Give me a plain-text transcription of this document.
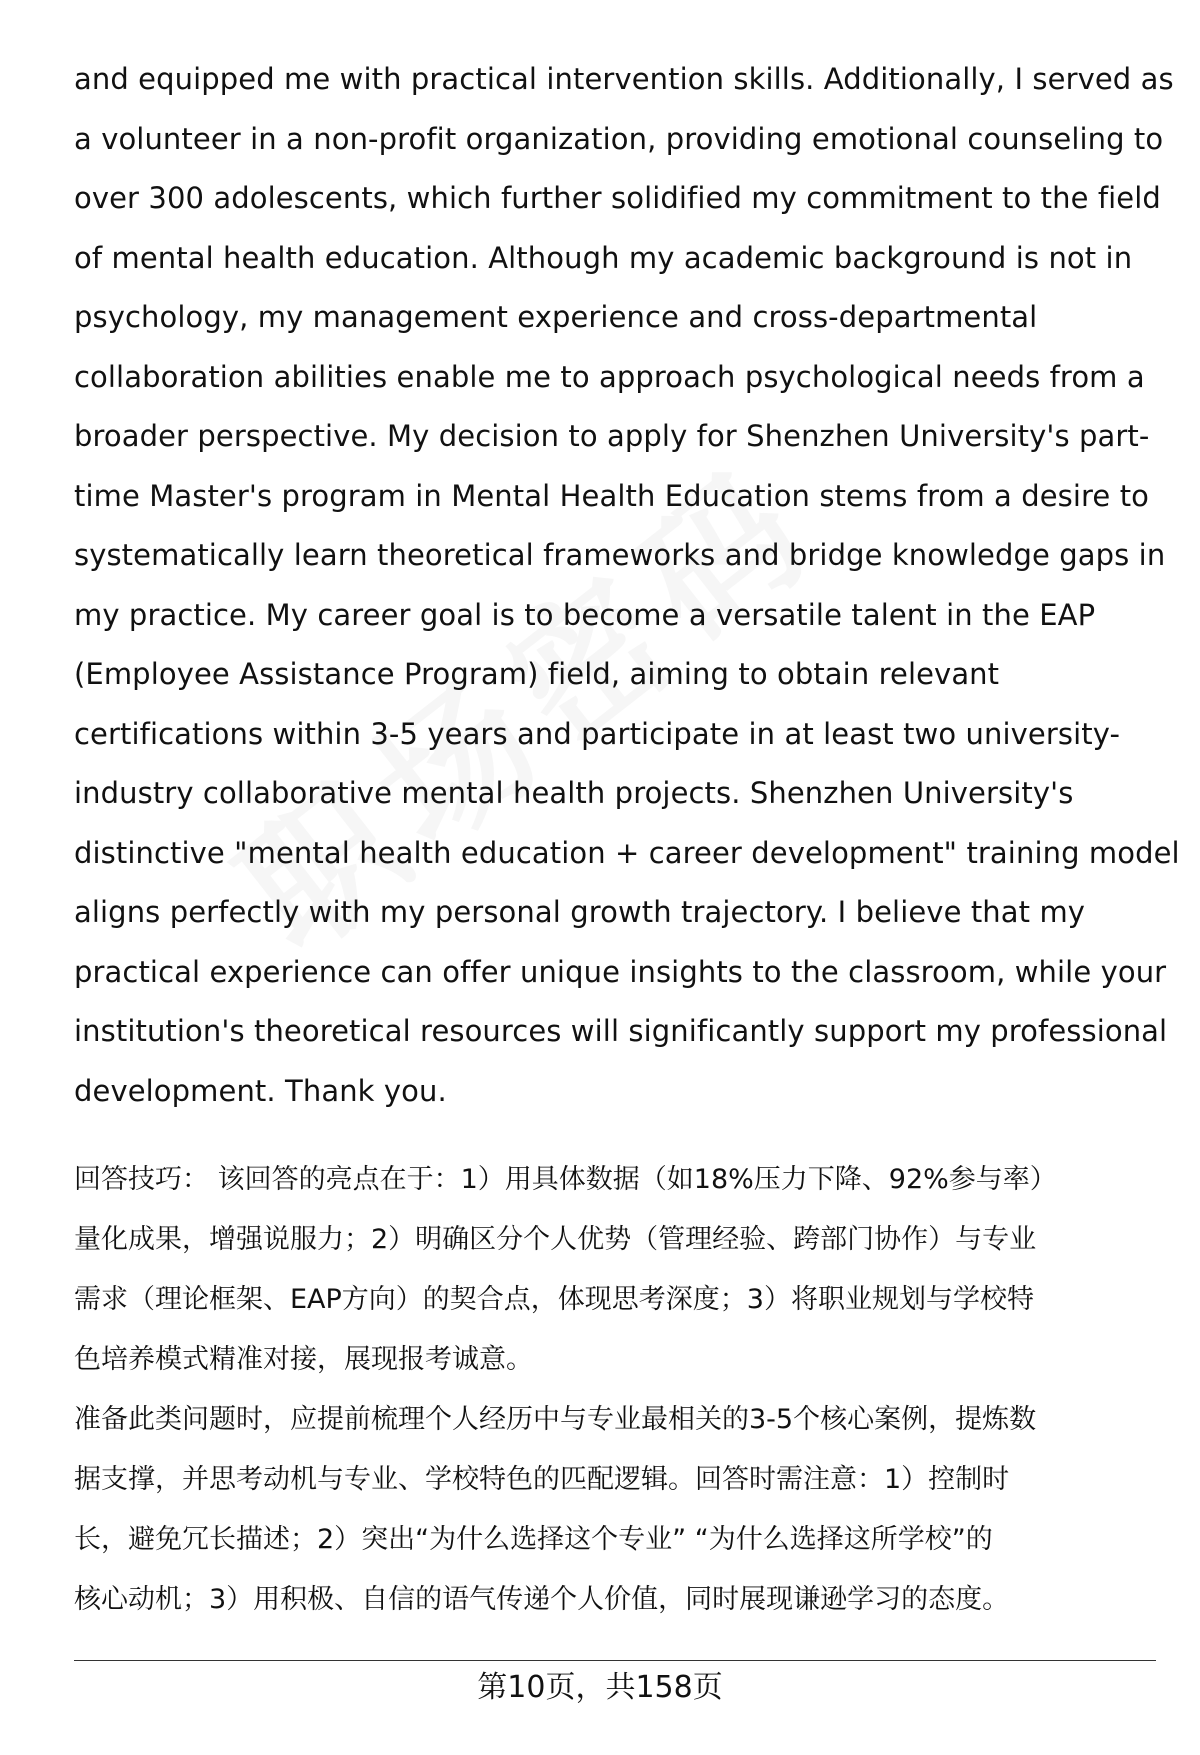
and equipped me with practical intervention skills. Additionally, I served as
a volunteer in a non-profit organization, providing emotional counseling to
over 300 adolescents, which further solidified my commitment to the field
of mental health education. Although my academic background is not in
psychology, my management experience and cross-departmental
collaboration abilities enable me to approach psychological needs from a
broader perspective. My decision to apply for Shenzhen University's part-
time Master's program in Mental Health Education stems from a desire to
systematically learn theoretical frameworks and bridge knowledge gaps in
my practice. My career goal is to become a versatile talent in the EAP
(Employee Assistance Program) field, aiming to obtain relevant
certifications within 3-5 years and participate in at least two university-
industry collaborative mental health projects. Shenzhen University's
distinctive "mental health education + career development" training model
aligns perfectly with my personal growth trajectory. I believe that my
practical experience can offer unique insights to the classroom, while your
institution's theoretical resources will significantly support my professional
development. Thank you.
回答技巧： 该回答的亮点在于：1）用具体数据（如18%压力下降、92%参与率）
量化成果，增强说服力；2）明确区分个人优势（管理经验、跨部门协作）与专业
需求（理论框架、EAP方向）的契合点，体现思考深度；3）将职业规划与学校特
色培养模式精准对接，展现报考诚意。
准备此类问题时，应提前梳理个人经历中与专业最相关的3-5个核心案例，提炼数
据支撑，并思考动机与专业、学校特色的匹配逻辑。回答时需注意：1）控制时
长，避免冗长描述；2）突出“为什么选择这个专业” “为什么选择这所学校”的
核心动机；3）用积极、自信的语气传递个人价值，同时展现谦逊学习的态度。
第10页，共158页
